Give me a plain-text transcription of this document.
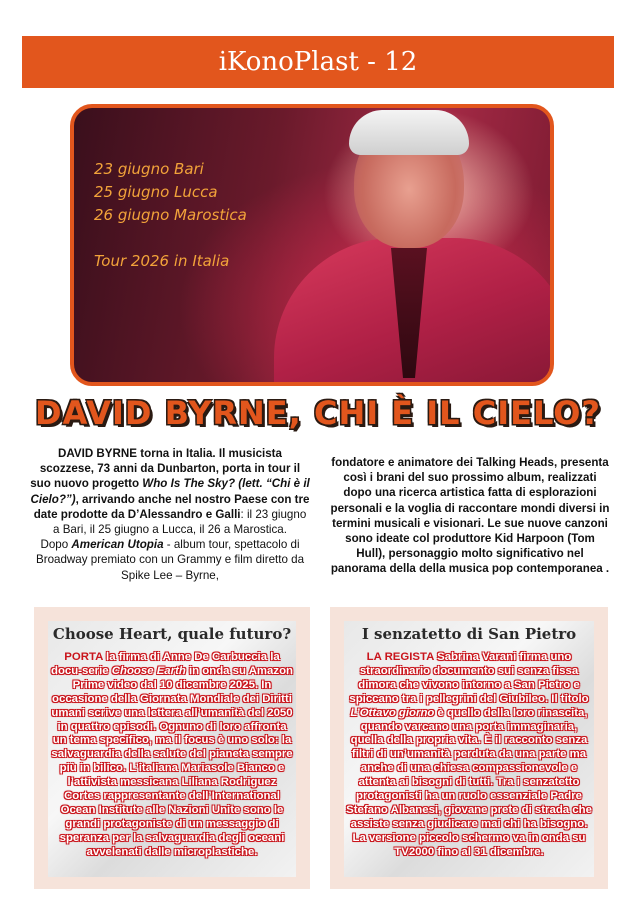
iKonoPlast - 12
23 giugno Bari
25 giugno Lucca
26 giugno Marostica
Tour 2026 in Italia
DAVID BYRNE, CHI È IL CIELO?
DAVID BYRNE torna in Italia. Il musicista scozzese, 73 anni da Dunbarton, porta in tour il suo nuovo progetto Who Is The Sky? (lett. “Chi è il Cielo?”), arrivando anche nel nostro Paese con tre date prodotte da D’Alessandro e Galli: il 23 giugno a Bari, il 25 giugno a Lucca, il 26 a Marostica.
Dopo American Utopia - album tour, spettacolo di Broadway premiato con un Grammy e film diretto da Spike Lee – Byrne,
fondatore e animatore dei Talking Heads, presenta così i brani del suo prossimo album, realizzati dopo una ricerca artistica fatta di esplorazioni personali e la voglia di raccontare mondi diversi in termini musicali e visionari. Le sue nuove canzoni sono ideate col produttore Kid Harpoon (Tom Hull), personaggio molto significativo nel panorama della della musica pop contemporanea .
Choose Heart, quale futuro?
PORTA la firma di Anne De Carbuccia la docu-serie Choose Earth in onda su Amazon Prime video dal 10 dicembre 2025. In occasione della Giornata Mondiale dei Diritti umani scrive una lettera all’umanità del 2050 in quattro episodi. Ognuno di loro affronta un tema specifico, ma il focus è uno solo: la salvaguardia della salute del pianeta sempre più in bilico. L’italiana Mariasole Bianco e l’attivista messicana Liliana Rodriguez Cortes rappresentante dell’International Ocean Institute alle Nazioni Unite sono le grandi protagoniste di un messaggio di speranza per la salvaguardia degli oceani avvelenati dalle microplastiche.
I senzatetto di San Pietro
LA REGISTA Sabrina Varani firma uno straordinario documento sui senza fissa dimora che vivono intorno a San Pietro e spiccano tra i pellegrini del Giubileo. Il titolo L’Ottavo giorno è quello della loro rinascita, quando varcano una porta immaginaria, quella della propria vita. È il racconto senza filtri di un’umanità perduta da una parte ma anche di una chiesa compassionevole e attenta ai bisogni di tutti. Tra i senzatetto protagonisti ha un ruolo essenziale Padre Stefano Albanesi, giovane prete di strada che assiste senza giudicare mai chi ha bisogno. La versione piccolo schermo va in onda su TV2000 fino al 31 dicembre.
